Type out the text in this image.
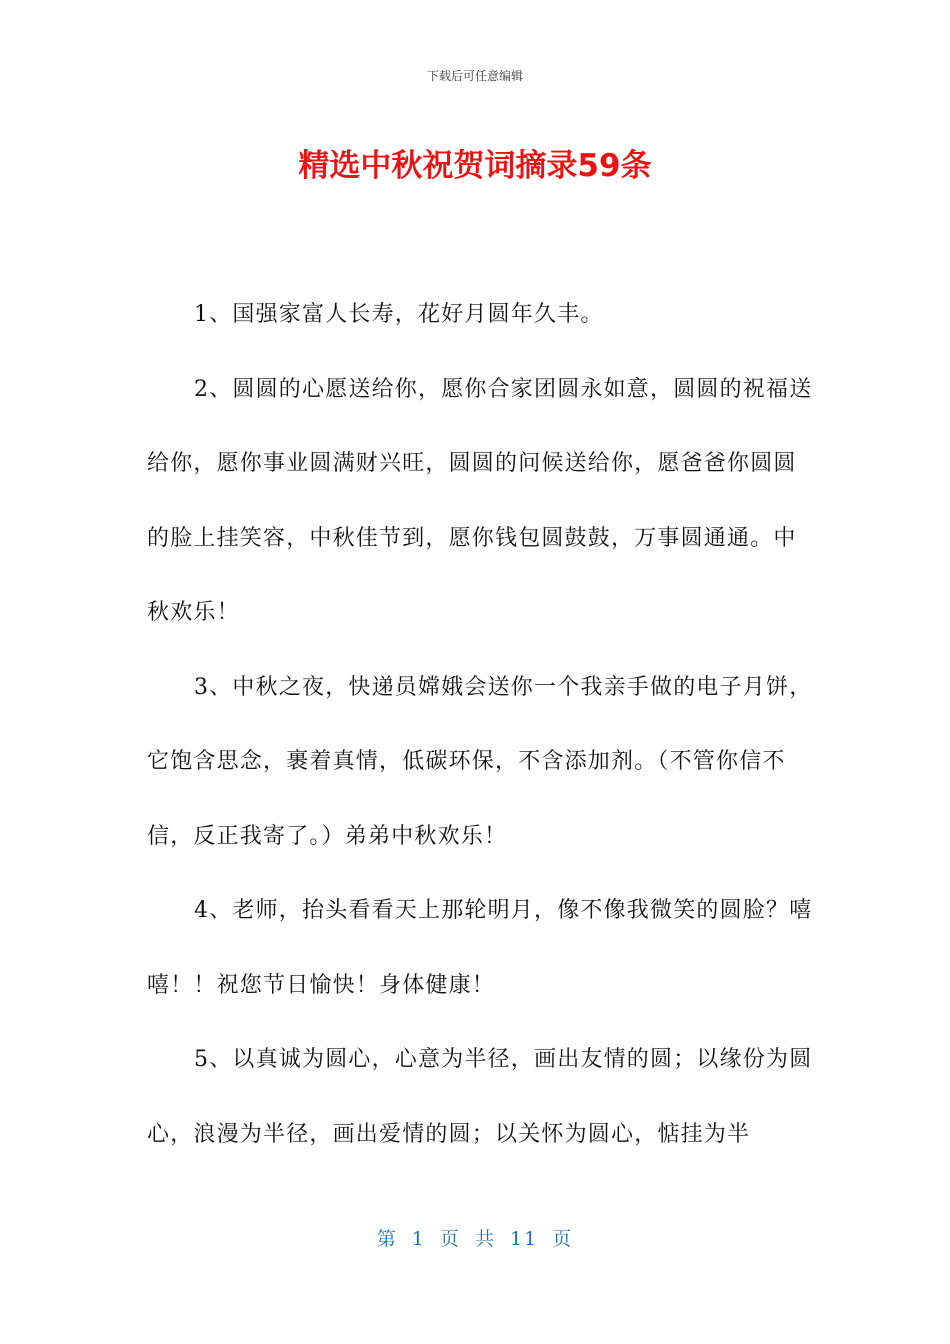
下载后可任意编辑
精选中秋祝贺词摘录59条

1、国强家富人长寿，花好月圆年久丰。

2、圆圆的心愿送给你，愿你合家团圆永如意，圆圆的祝福送给你，愿你事业圆满财兴旺，圆圆的问候送给你，愿爸爸你圆圆的脸上挂笑容，中秋佳节到，愿你钱包圆鼓鼓，万事圆通通。中秋欢乐！

3、中秋之夜，快递员嫦娥会送你一个我亲手做的电子月饼，它饱含思念，裹着真情，低碳环保，不含添加剂。（不管你信不信，反正我寄了。）弟弟中秋欢乐！

4、老师，抬头看看天上那轮明月，像不像我微笑的圆脸？嘻嘻！！祝您节日愉快！身体健康！

5、以真诚为圆心，心意为半径，画出友情的圆；以缘份为圆心，浪漫为半径，画出爱情的圆；以关怀为圆心，惦挂为半

第 1 页 共 11 页
